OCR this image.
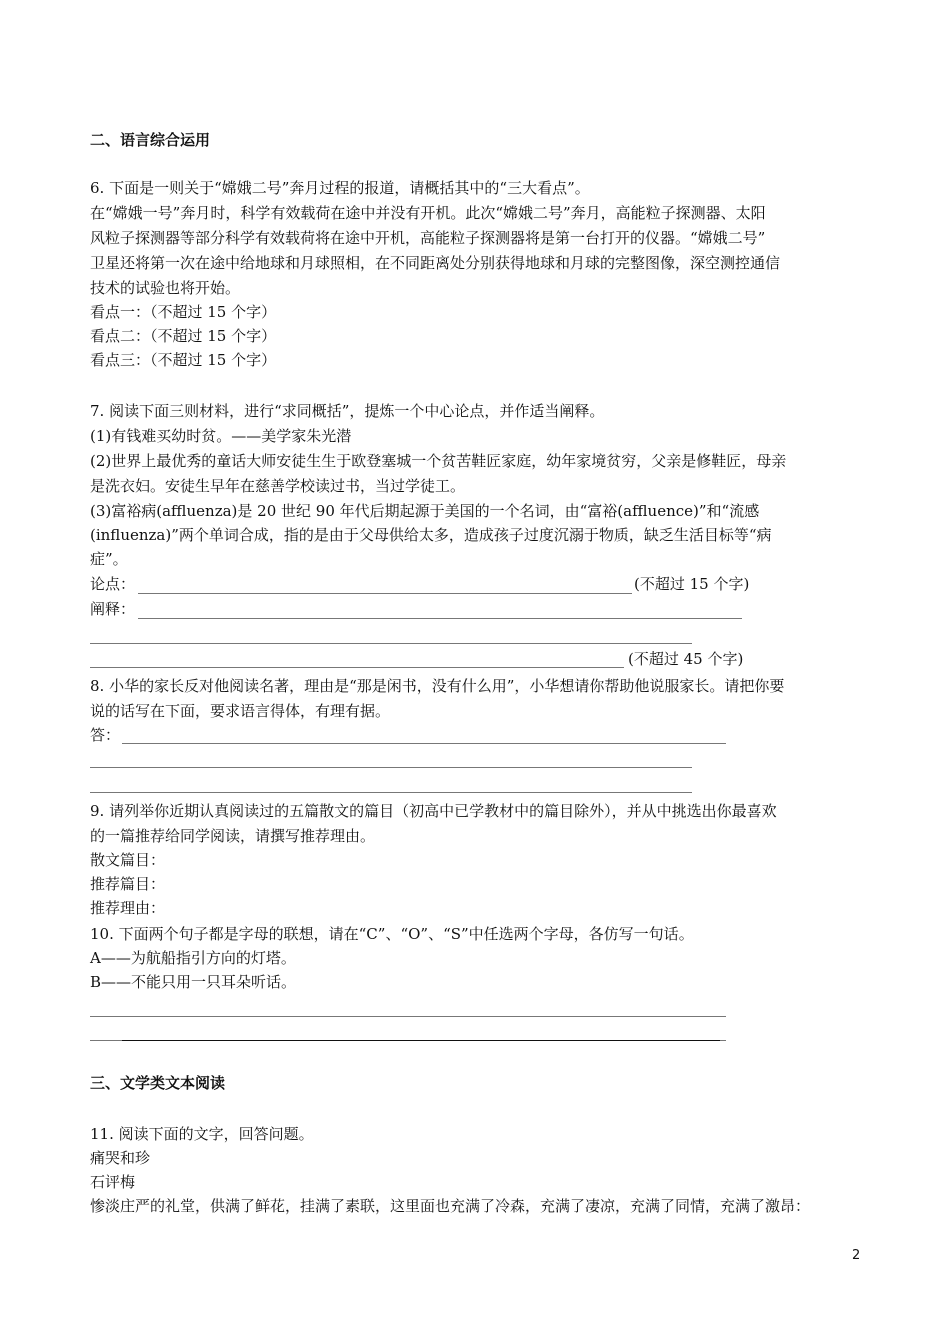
二、语言综合运用
6. 下面是一则关于“嫦娥二号”奔月过程的报道，请概括其中的“三大看点”。
在“嫦娥一号”奔月时，科学有效载荷在途中并没有开机。此次“嫦娥二号”奔月，高能粒子探测器、太阳
风粒子探测器等部分科学有效载荷将在途中开机，高能粒子探测器将是第一台打开的仪器。“嫦娥二号”
卫星还将第一次在途中给地球和月球照相，在不同距离处分别获得地球和月球的完整图像，深空测控通信
技术的试验也将开始。
看点一：（不超过 15 个字）
看点二：（不超过 15 个字）
看点三：（不超过 15 个字）
7. 阅读下面三则材料，进行“求同概括”，提炼一个中心论点，并作适当阐释。
(1)有钱难买幼时贫。——美学家朱光潜
(2)世界上最优秀的童话大师安徒生生于欧登塞城一个贫苦鞋匠家庭，幼年家境贫穷，父亲是修鞋匠，母亲
是洗衣妇。安徒生早年在慈善学校读过书，当过学徒工。
(3)富裕病(affluenza)是 20 世纪 90 年代后期起源于美国的一个名词，由“富裕(affluence)”和“流感
(influenza)”两个单词合成，指的是由于父母供给太多，造成孩子过度沉溺于物质，缺乏生活目标等“病
症”。
论点：	(不超过 15 个字)
阐释：
(不超过 45 个字)
8. 小华的家长反对他阅读名著，理由是“那是闲书，没有什么用”，小华想请你帮助他说服家长。请把你要
说的话写在下面，要求语言得体，有理有据。
答：
9. 请列举你近期认真阅读过的五篇散文的篇目（初高中已学教材中的篇目除外），并从中挑选出你最喜欢
的一篇推荐给同学阅读，请撰写推荐理由。
散文篇目：
推荐篇目：
推荐理由：
10. 下面两个句子都是字母的联想，请在“C”、“O”、“S”中任选两个字母，各仿写一句话。
A——为航船指引方向的灯塔。
B——不能只用一只耳朵听话。
三、文学类文本阅读
11. 阅读下面的文字，回答问题。
痛哭和珍
石评梅
惨淡庄严的礼堂，供满了鲜花，挂满了素联，这里面也充满了冷森，充满了凄凉，充满了同情，充满了激昂：
2
